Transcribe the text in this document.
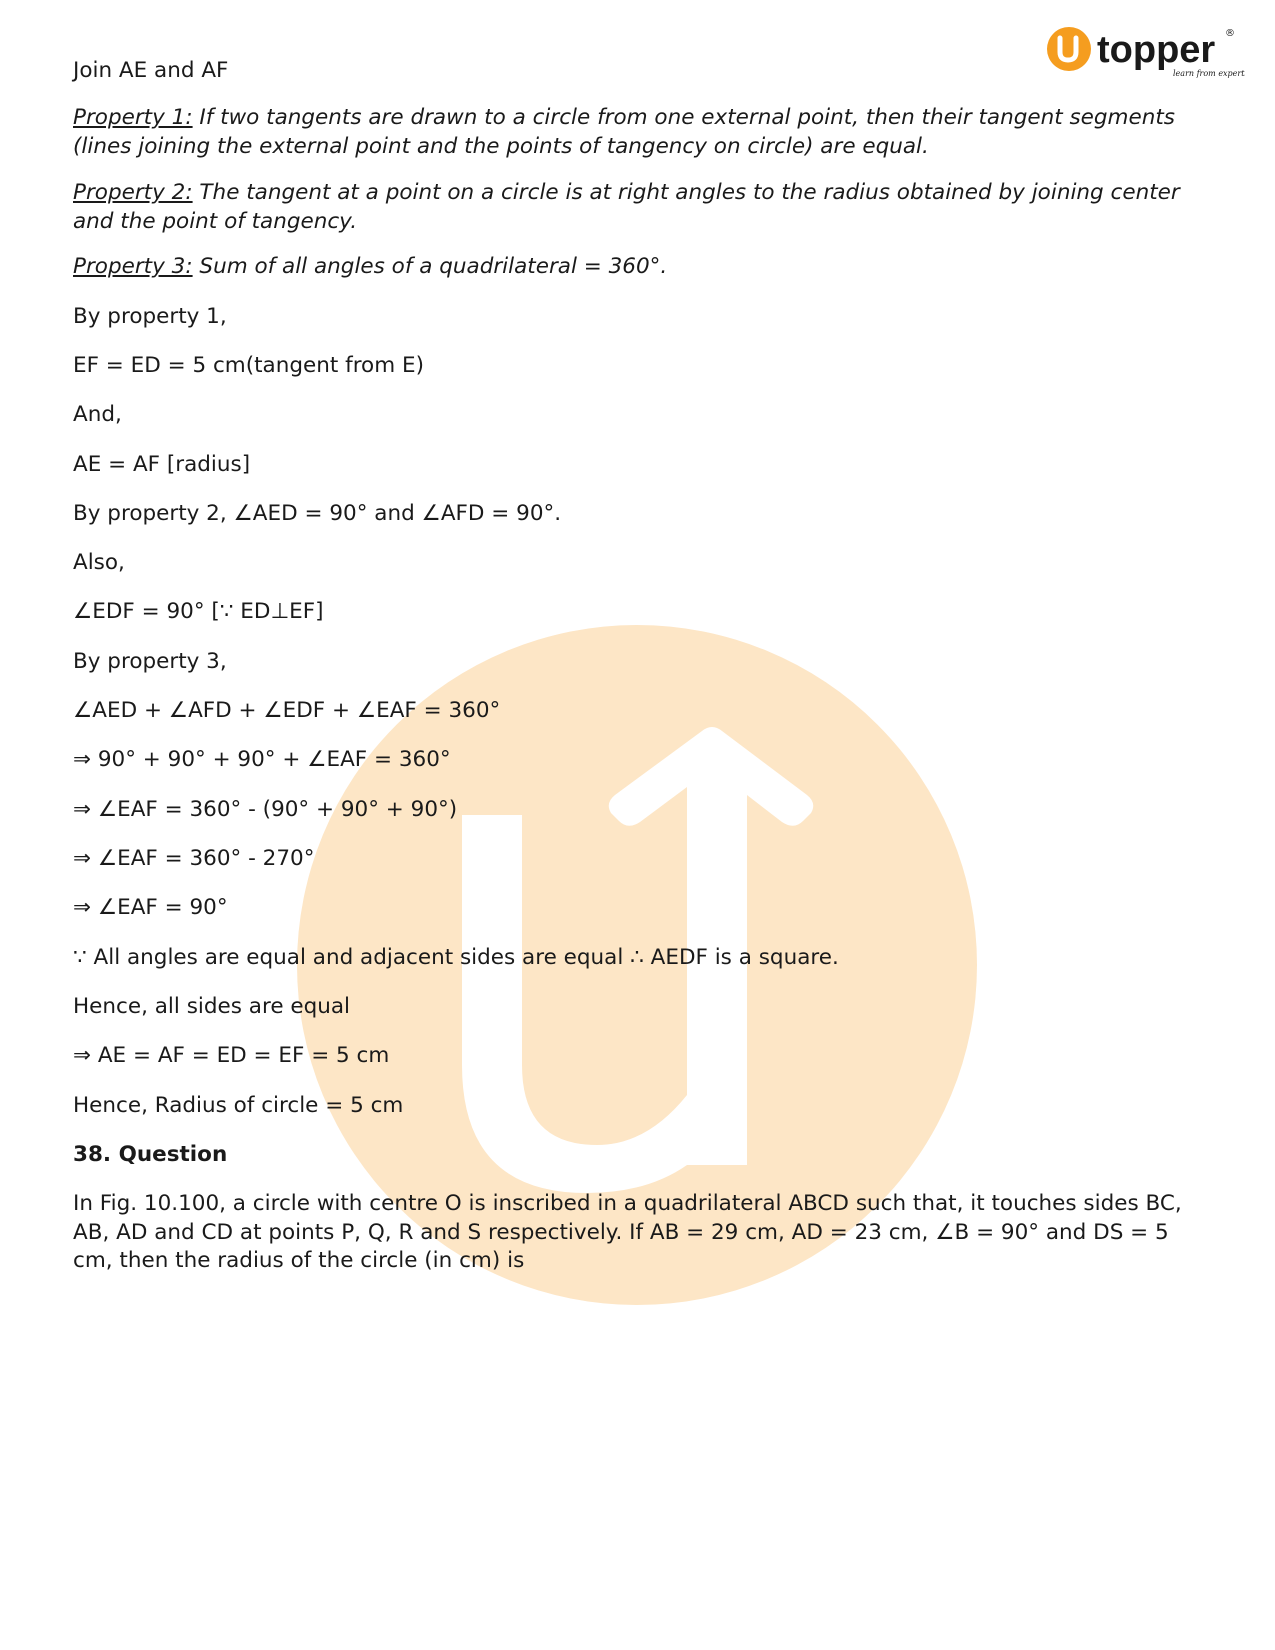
topper ®
learn from experts
Join AE and AF
Property 1: If two tangents are drawn to a circle from one external point, then their tangent segments (lines joining the external point and the points of tangency on circle) are equal.
Property 2: The tangent at a point on a circle is at right angles to the radius obtained by joining center and the point of tangency.
Property 3: Sum of all angles of a quadrilateral = 360°.
By property 1,
EF = ED = 5 cm(tangent from E)
And,
AE = AF [radius]
By property 2, ∠AED = 90° and ∠AFD = 90°.
Also,
∠EDF = 90° [∵ ED⊥EF]
By property 3,
∠AED + ∠AFD + ∠EDF + ∠EAF = 360°
⇒ 90° + 90° + 90° + ∠EAF = 360°
⇒ ∠EAF = 360° - (90° + 90° + 90°)
⇒ ∠EAF = 360° - 270°
⇒ ∠EAF = 90°
∵ All angles are equal and adjacent sides are equal ∴ AEDF is a square.
Hence, all sides are equal
⇒ AE = AF = ED = EF = 5 cm
Hence, Radius of circle = 5 cm
38. Question
In Fig. 10.100, a circle with centre O is inscribed in a quadrilateral ABCD such that, it touches sides BC, AB, AD and CD at points P, Q, R and S respectively. If AB = 29 cm, AD = 23 cm, ∠B = 90° and DS = 5 cm, then the radius of the circle (in cm) is
